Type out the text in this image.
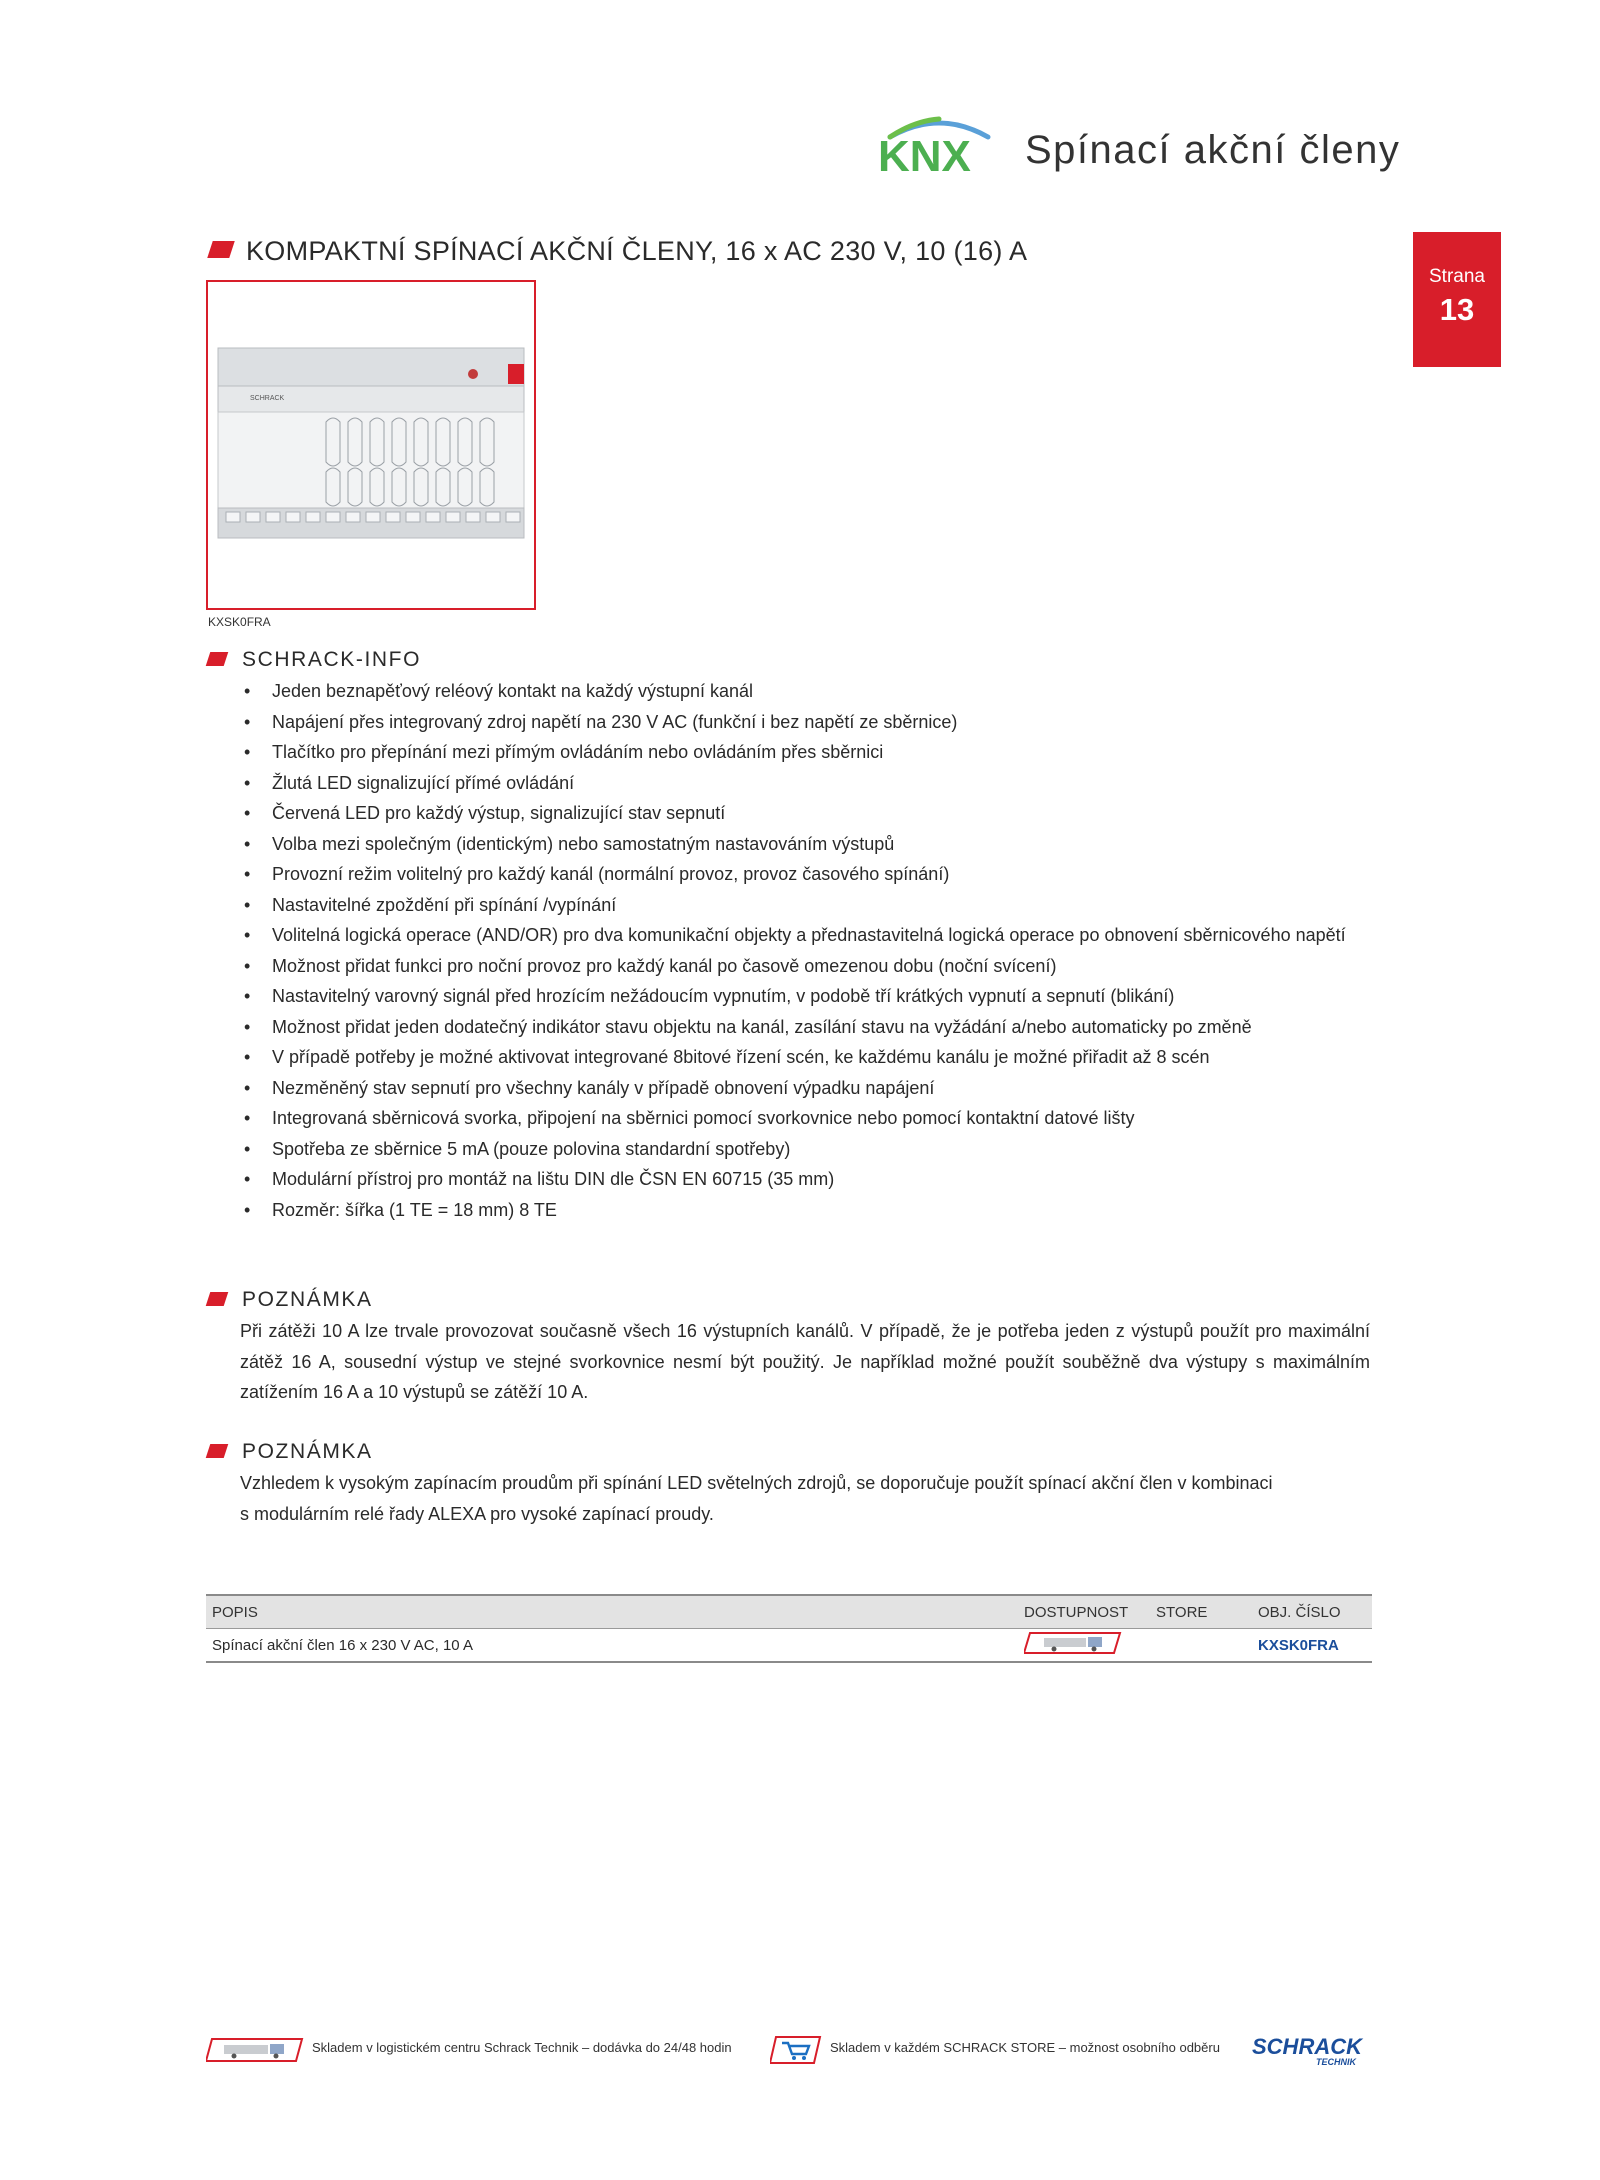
KNX Spínací akční členy
Strana
13
KOMPAKTNÍ SPÍNACÍ AKČNÍ ČLENY, 16 x AC 230 V, 10 (16) A
SCHRACK
KXSK0FRA
SCHRACK-INFO
• Jeden beznapěťový reléový kontakt na každý výstupní kanál
• Napájení přes integrovaný zdroj napětí na 230 V AC (funkční i bez napětí ze sběrnice)
• Tlačítko pro přepínání mezi přímým ovládáním nebo ovládáním přes sběrnici
• Žlutá LED signalizující přímé ovládání
• Červená LED pro každý výstup, signalizující stav sepnutí
• Volba mezi společným (identickým) nebo samostatným nastavováním výstupů
• Provozní režim volitelný pro každý kanál (normální provoz, provoz časového spínání)
• Nastavitelné zpoždění při spínání /vypínání
• Volitelná logická operace (AND/OR) pro dva komunikační objekty a přednastavitelná logická operace po obnovení sběrnicového napětí
• Možnost přidat funkci pro noční provoz pro každý kanál po časově omezenou dobu (noční svícení)
• Nastavitelný varovný signál před hrozícím nežádoucím vypnutím, v podobě tří krátkých vypnutí a sepnutí (blikání)
• Možnost přidat jeden dodatečný indikátor stavu objektu na kanál, zasílání stavu na vyžádání a/nebo automaticky po změně
• V případě potřeby je možné aktivovat integrované 8bitové řízení scén, ke každému kanálu je možné přiřadit až 8 scén
• Nezměněný stav sepnutí pro všechny kanály v případě obnovení výpadku napájení
• Integrovaná sběrnicová svorka, připojení na sběrnici pomocí svorkovnice nebo pomocí kontaktní datové lišty
• Spotřeba ze sběrnice 5 mA (pouze polovina standardní spotřeby)
• Modulární přístroj pro montáž na lištu DIN dle ČSN EN 60715 (35 mm)
• Rozměr: šířka (1 TE = 18 mm) 8 TE
POZNÁMKA
Při zátěži 10 A lze trvale provozovat současně všech 16 výstupních kanálů. V případě, že je potřeba jeden z výstupů použít pro maximální zátěž 16 A, sousední výstup ve stejné svorkovnice nesmí být použitý. Je například možné použít souběžně dva výstupy s maximálním zatížením 16 A a 10 výstupů se zátěží 10 A.
POZNÁMKA
Vzhledem k vysokým zapínacím proudům při spínání LED světelných zdrojů, se doporučuje použít spínací akční člen v kombinaci
s modulárním relé řady ALEXA pro vysoké zapínací proudy.
POPIS	DOSTUPNOST	STORE	OBJ. ČÍSLO
Spínací akční člen 16 x 230 V AC, 10 A			KXSK0FRA
Skladem v logistickém centru Schrack Technik – dodávka do 24/48 hodin	Skladem v každém SCHRACK STORE – možnost osobního odběru SCHRACK
TECHNIK
